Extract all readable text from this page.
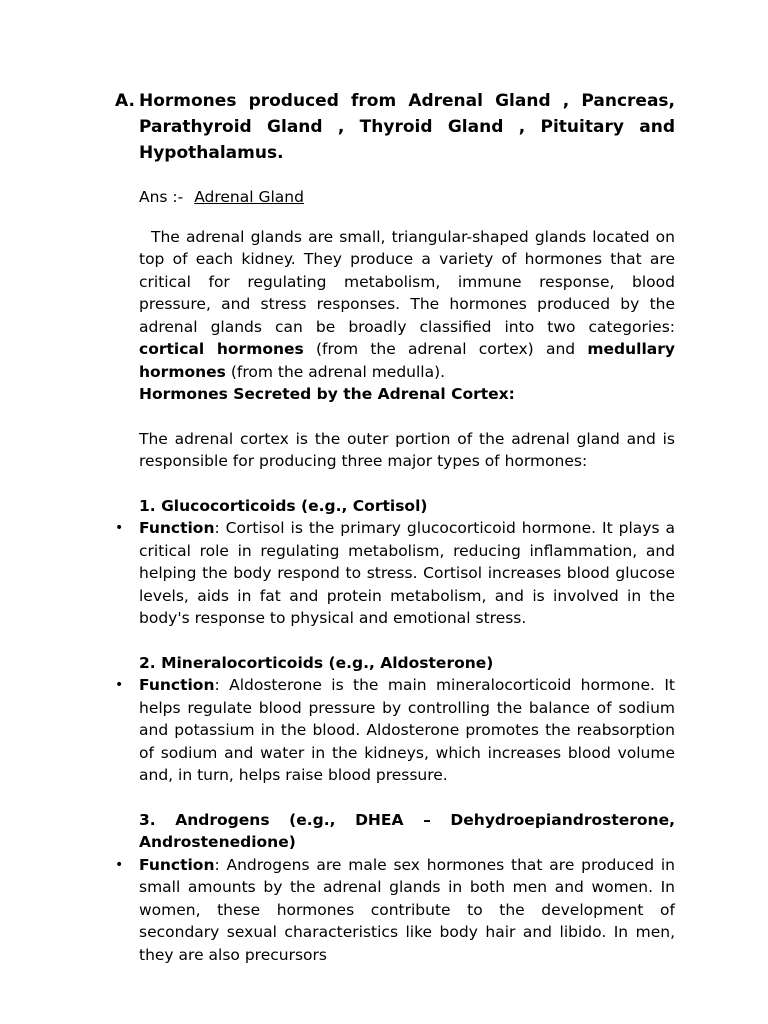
A. Hormones produced from Adrenal Gland , Pancreas, Parathyroid Gland , Thyroid Gland , Pituitary and Hypothalamus.

Ans :- Adrenal Gland

The adrenal glands are small, triangular-shaped glands located on top of each kidney. They produce a variety of hormones that are critical for regulating metabolism, immune response, blood pressure, and stress responses. The hormones produced by the adrenal glands can be broadly classified into two categories: cortical hormones (from the adrenal cortex) and medullary hormones (from the adrenal medulla).

Hormones Secreted by the Adrenal Cortex:

The adrenal cortex is the outer portion of the adrenal gland and is responsible for producing three major types of hormones:

1. Glucocorticoids (e.g., Cortisol)

• Function: Cortisol is the primary glucocorticoid hormone. It plays a critical role in regulating metabolism, reducing inflammation, and helping the body respond to stress. Cortisol increases blood glucose levels, aids in fat and protein metabolism, and is involved in the body's response to physical and emotional stress.

2. Mineralocorticoids (e.g., Aldosterone)

• Function: Aldosterone is the main mineralocorticoid hormone. It helps regulate blood pressure by controlling the balance of sodium and potassium in the blood. Aldosterone promotes the reabsorption of sodium and water in the kidneys, which increases blood volume and, in turn, helps raise blood pressure.

3. Androgens (e.g., DHEA – Dehydroepiandrosterone, Androstenedione)

• Function: Androgens are male sex hormones that are produced in small amounts by the adrenal glands in both men and women. In women, these hormones contribute to the development of secondary sexual characteristics like body hair and libido. In men, they are also precursors
